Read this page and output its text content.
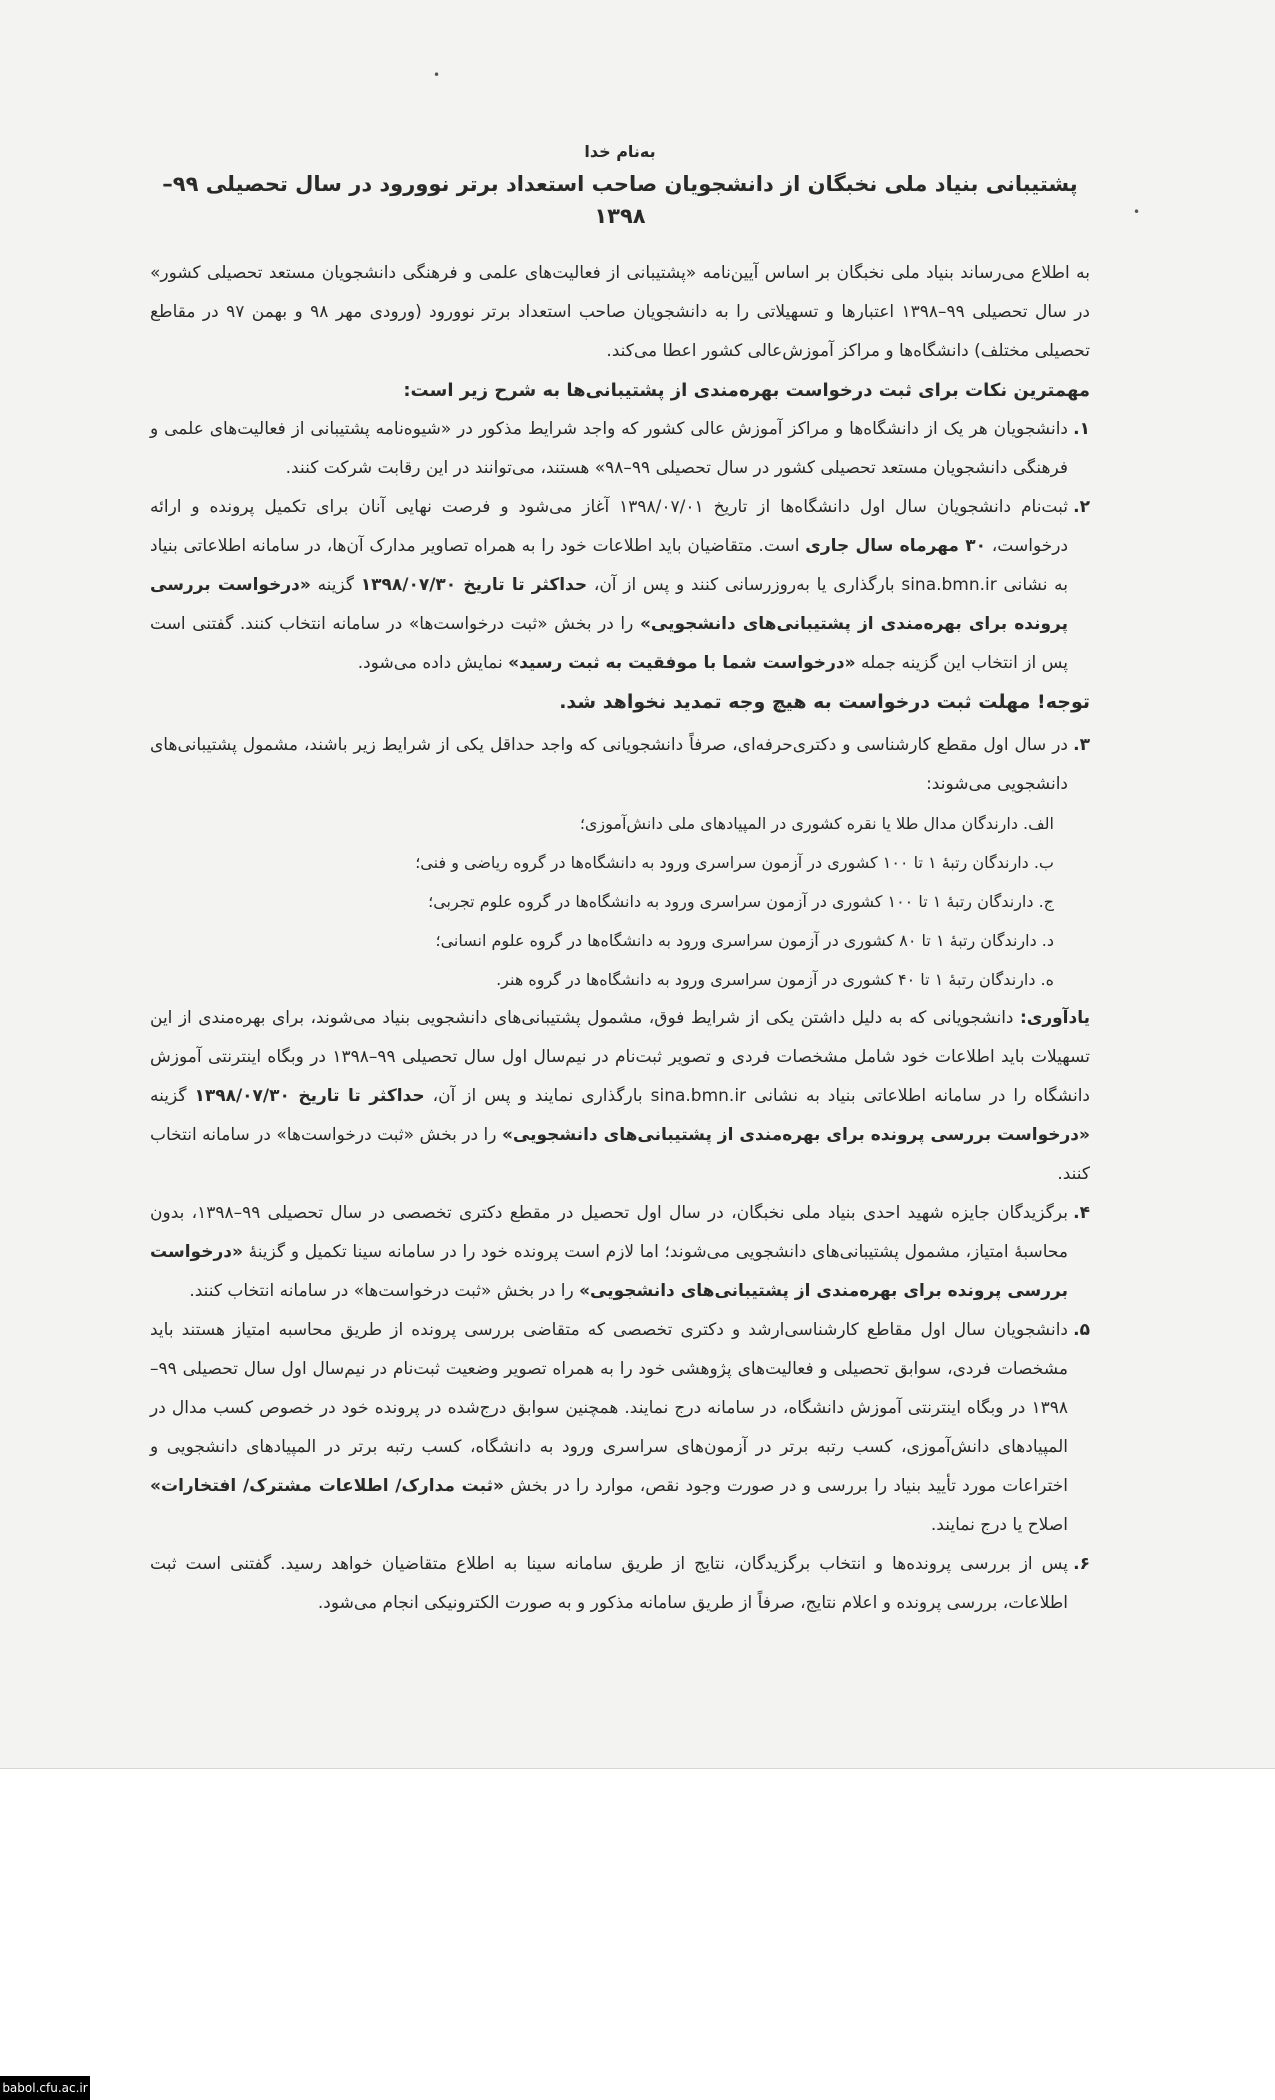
•
•
به‌نام خدا
پشتیبانی بنیاد ملی نخبگان از دانشجویان صاحب استعداد برتر نوورود در سال تحصیلی ۹۹–۱۳۹۸

به اطلاع می‌رساند بنیاد ملی نخبگان بر اساس آیین‌نامه «پشتیبانی از فعالیت‌های علمی و فرهنگی دانشجویان مستعد تحصیلی کشور» در سال تحصیلی ۹۹–۱۳۹۸ اعتبارها و تسهیلاتی را به دانشجویان صاحب استعداد برتر نوورود (ورودی مهر ۹۸ و بهمن ۹۷ در مقاطع تحصیلی مختلف) دانشگاه‌ها و مراکز آموزش‌عالی کشور اعطا می‌کند.

مهمترین نکات برای ثبت درخواست بهره‌مندی از پشتیبانی‌ها به شرح زیر است:

۱.
دانشجویان هر یک از دانشگاه‌ها و مراکز آموزش عالی کشور که واجد شرایط مذکور در «شیوه‌نامه پشتیبانی از فعالیت‌های علمی و فرهنگی دانشجویان مستعد تحصیلی کشور در سال تحصیلی ۹۹–۹۸» هستند، می‌توانند در این رقابت شرکت کنند.
۲.
ثبت‌نام دانشجویان سال اول دانشگاه‌ها از تاریخ ۱۳۹۸/۰۷/۰۱ آغاز می‌شود و فرصت نهایی آنان برای تکمیل پرونده و ارائه درخواست، ۳۰ مهرماه سال جاری است. متقاضیان باید اطلاعات خود را به همراه تصاویر مدارک آن‌ها، در سامانه اطلاعاتی بنیاد به نشانی sina.bmn.ir بارگذاری یا به‌روزرسانی کنند و پس از آن، حداکثر تا تاریخ ۱۳۹۸/۰۷/۳۰ گزینه «درخواست بررسی پرونده برای بهره‌مندی از پشتیبانی‌های دانشجویی» را در بخش «ثبت درخواست‌ها» در سامانه انتخاب کنند. گفتنی است پس از انتخاب این گزینه جمله «درخواست شما با موفقیت به ثبت رسید» نمایش داده می‌شود.

توجه! مهلت ثبت درخواست به هیچ وجه تمدید نخواهد شد.

۳.
در سال اول مقطع کارشناسی و دکتری‌حرفه‌ای، صرفاً دانشجویانی که واجد حداقل یکی از شرایط زیر باشند، مشمول پشتیبانی‌های دانشجویی می‌شوند:
الف. دارندگان مدال طلا یا نقره کشوری در المپیادهای ملی دانش‌آموزی؛
ب. دارندگان رتبهٔ ۱ تا ۱۰۰ کشوری در آزمون سراسری ورود به دانشگاه‌ها در گروه ریاضی و فنی؛
ج. دارندگان رتبهٔ ۱ تا ۱۰۰ کشوری در آزمون سراسری ورود به دانشگاه‌ها در گروه علوم تجربی؛
د. دارندگان رتبهٔ ۱ تا ۸۰ کشوری در آزمون سراسری ورود به دانشگاه‌ها در گروه علوم انسانی؛
ه. دارندگان رتبهٔ ۱ تا ۴۰ کشوری در آزمون سراسری ورود به دانشگاه‌ها در گروه هنر.

یادآوری: دانشجویانی که به دلیل داشتن یکی از شرایط فوق، مشمول پشتیبانی‌های دانشجویی بنیاد می‌شوند، برای بهره‌مندی از این تسهیلات باید اطلاعات خود شامل مشخصات فردی و تصویر ثبت‌نام در نیم‌سال اول سال تحصیلی ۹۹–۱۳۹۸ در وبگاه اینترنتی آموزش دانشگاه را در سامانه اطلاعاتی بنیاد به نشانی sina.bmn.ir بارگذاری نمایند و پس از آن، حداکثر تا تاریخ ۱۳۹۸/۰۷/۳۰ گزینه «درخواست بررسی پرونده برای بهره‌مندی از پشتیبانی‌های دانشجویی» را در بخش «ثبت درخواست‌ها» در سامانه انتخاب کنند.

۴.
برگزیدگان جایزه شهید احدی بنیاد ملی نخبگان، در سال اول تحصیل در مقطع دکتری تخصصی در سال تحصیلی ۹۹–۱۳۹۸، بدون محاسبهٔ امتیاز، مشمول پشتیبانی‌های دانشجویی می‌شوند؛ اما لازم است پرونده خود را در سامانه سینا تکمیل و گزینهٔ «درخواست بررسی پرونده برای بهره‌مندی از پشتیبانی‌های دانشجویی» را در بخش «ثبت درخواست‌ها» در سامانه انتخاب کنند.
۵.
دانشجویان سال اول مقاطع کارشناسی‌ارشد و دکتری تخصصی که متقاضی بررسی پرونده از طریق محاسبه امتیاز هستند باید مشخصات فردی، سوابق تحصیلی و فعالیت‌های پژوهشی خود را به همراه تصویر وضعیت ثبت‌نام در نیم‌سال اول سال تحصیلی ۹۹–۱۳۹۸ در وبگاه اینترنتی آموزش دانشگاه، در سامانه درج نمایند. همچنین سوابق درج‌شده در پرونده خود در خصوص کسب مدال در المپیادهای دانش‌آموزی، کسب رتبه برتر در آزمون‌های سراسری ورود به دانشگاه، کسب رتبه برتر در المپیادهای دانشجویی و اختراعات مورد تأیید بنیاد را بررسی و در صورت وجود نقص، موارد را در بخش «ثبت مدارک/ اطلاعات مشترک/ افتخارات» اصلاح یا درج نمایند.
۶.
پس از بررسی پرونده‌ها و انتخاب برگزیدگان، نتایج از طریق سامانه سینا به اطلاع متقاضیان خواهد رسید. گفتنی است ثبت اطلاعات، بررسی پرونده و اعلام نتایج، صرفاً از طریق سامانه مذکور و به صورت الکترونیکی انجام می‌شود.
babol.cfu.ac.ir
